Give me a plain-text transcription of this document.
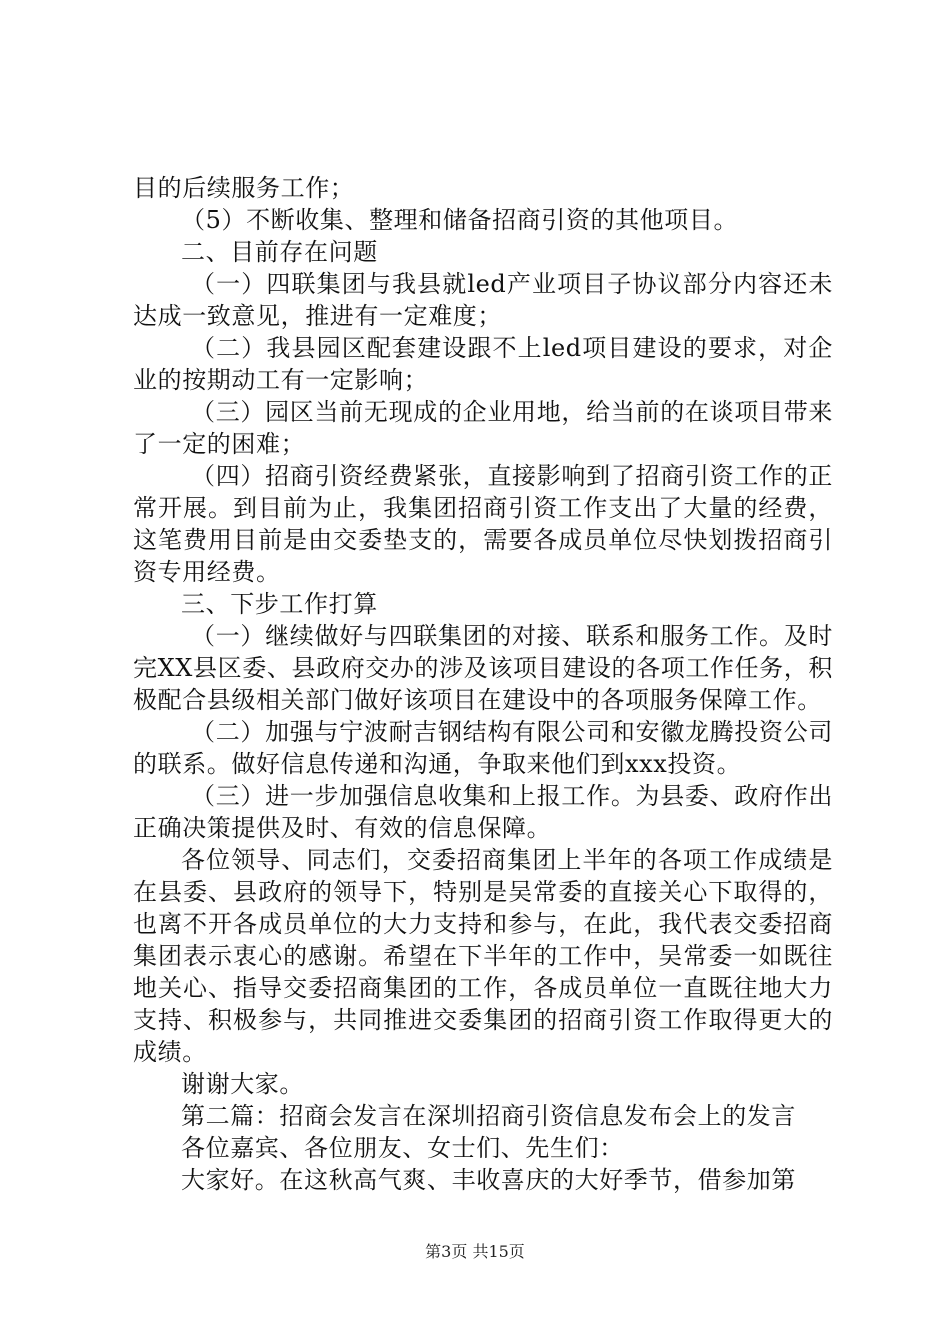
目的后续服务工作；

（5）不断收集、整理和储备招商引资的其他项目。

二、目前存在问题

（一）四联集团与我县就led产业项目子协议部分内容还未达成一致意见，推进有一定难度；

（二）我县园区配套建设跟不上led项目建设的要求，对企业的按期动工有一定影响；

（三）园区当前无现成的企业用地，给当前的在谈项目带来了一定的困难；

（四）招商引资经费紧张，直接影响到了招商引资工作的正常开展。到目前为止，我集团招商引资工作支出了大量的经费，这笔费用目前是由交委垫支的，需要各成员单位尽快划拨招商引资专用经费。

三、下步工作打算

（一）继续做好与四联集团的对接、联系和服务工作。及时完XX县区委、县政府交办的涉及该项目建设的各项工作任务，积极配合县级相关部门做好该项目在建设中的各项服务保障工作。

（二）加强与宁波耐吉钢结构有限公司和安徽龙腾投资公司的联系。做好信息传递和沟通，争取来他们到xxx投资。

（三）进一步加强信息收集和上报工作。为县委、政府作出正确决策提供及时、有效的信息保障。

各位领导、同志们，交委招商集团上半年的各项工作成绩是在县委、县政府的领导下，特别是吴常委的直接关心下取得的，也离不开各成员单位的大力支持和参与，在此，我代表交委招商集团表示衷心的感谢。希望在下半年的工作中，吴常委一如既往地关心、指导交委招商集团的工作，各成员单位一直既往地大力支持、积极参与，共同推进交委集团的招商引资工作取得更大的成绩。

谢谢大家。

第二篇：招商会发言在深圳招商引资信息发布会上的发言

各位嘉宾、各位朋友、女士们、先生们：

大家好。在这秋高气爽、丰收喜庆的大好季节，借参加第

第3页 共15页
